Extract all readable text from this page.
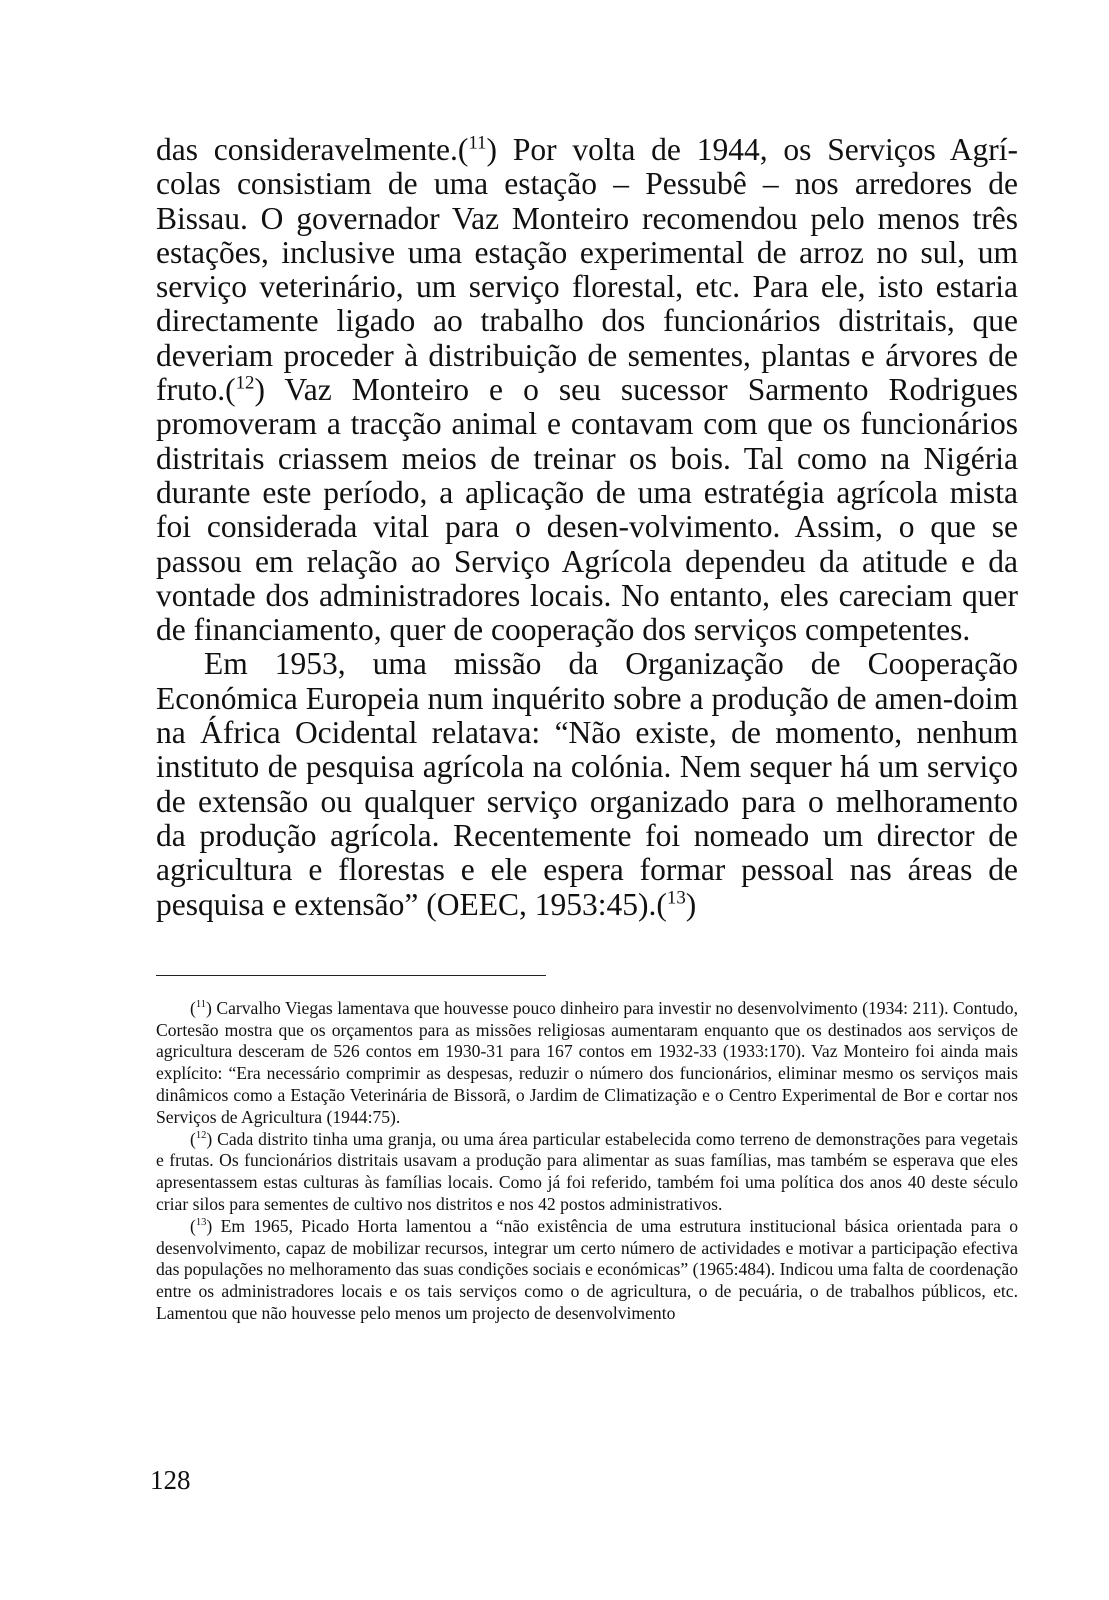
das consideravelmente.($^{11}$) Por volta de 1944, os Serviços Agrí-colas consistiam de uma estação – Pessubê – nos arredores de Bissau. O governador Vaz Monteiro recomendou pelo menos três estações, inclusive uma estação experimental de arroz no sul, um serviço veterinário, um serviço florestal, etc. Para ele, isto estaria directamente ligado ao trabalho dos funcionários distritais, que deveriam proceder à distribuição de sementes, plantas e árvores de fruto.($^{12}$) Vaz Monteiro e o seu sucessor Sarmento Rodrigues promoveram a tracção animal e contavam com que os funcionários distritais criassem meios de treinar os bois. Tal como na Nigéria durante este período, a aplicação de uma estratégia agrícola mista foi considerada vital para o desen-volvimento. Assim, o que se passou em relação ao Serviço Agrícola dependeu da atitude e da vontade dos administradores locais. No entanto, eles careciam quer de financiamento, quer de cooperação dos serviços competentes.

Em 1953, uma missão da Organização de Cooperação Económica Europeia num inquérito sobre a produção de amen-doim na África Ocidental relatava: “Não existe, de momento, nenhum instituto de pesquisa agrícola na colónia. Nem sequer há um serviço de extensão ou qualquer serviço organizado para o melhoramento da produção agrícola. Recentemente foi nomeado um director de agricultura e florestas e ele espera formar pessoal nas áreas de pesquisa e extensão” (OEEC, 1953:45).($^{13}$)

($^{11}$) Carvalho Viegas lamentava que houvesse pouco dinheiro para investir no desenvolvimento (1934: 211). Contudo, Cortesão mostra que os orçamentos para as missões religiosas aumentaram enquanto que os destinados aos serviços de agricultura desceram de 526 contos em 1930-31 para 167 contos em 1932-33 (1933:170). Vaz Monteiro foi ainda mais explícito: “Era necessário comprimir as despesas, reduzir o número dos funcionários, eliminar mesmo os serviços mais dinâmicos como a Estação Veterinária de Bissorã, o Jardim de Climatização e o Centro Experimental de Bor e cortar nos Serviços de Agricultura (1944:75).

($^{12}$) Cada distrito tinha uma granja, ou uma área particular estabelecida como terreno de demonstrações para vegetais e frutas. Os funcionários distritais usavam a produção para alimentar as suas famílias, mas também se esperava que eles apresentassem estas culturas às famílias locais. Como já foi referido, também foi uma política dos anos 40 deste século criar silos para sementes de cultivo nos distritos e nos 42 postos administrativos.

($^{13}$) Em 1965, Picado Horta lamentou a “não existência de uma estrutura institucional básica orientada para o desenvolvimento, capaz de mobilizar recursos, integrar um certo número de actividades e motivar a participação efectiva das populações no melhoramento das suas condições sociais e económicas” (1965:484). Indicou uma falta de coordenação entre os administradores locais e os tais serviços como o de agricultura, o de pecuária, o de trabalhos públicos, etc. Lamentou que não houvesse pelo menos um projecto de desenvolvimento

128
